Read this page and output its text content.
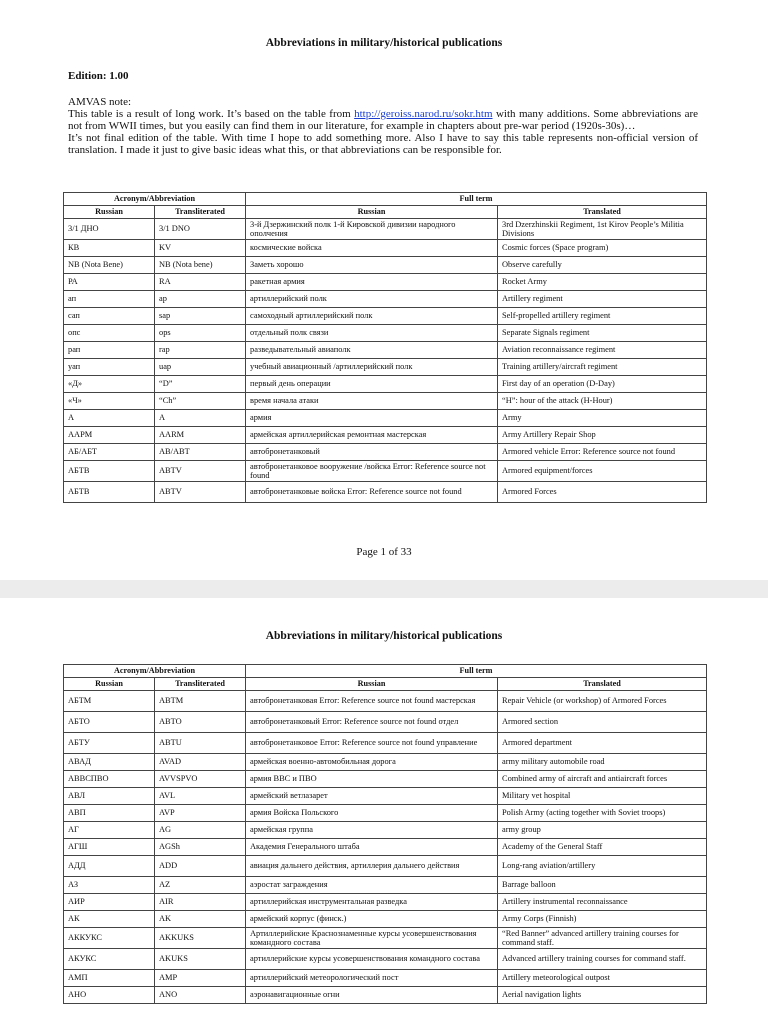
Abbreviations in military/historical publications
Edition: 1.00

AMVAS note:

This table is a result of long work. It’s based on the table from http://geroiss.narod.ru/sokr.htm with many additions. Some abbreviations are not from WWII times, but you easily can find them in our literature, for example in chapters about pre-war period (1920s-30s)…

It’s not final edition of the table. With time I hope to add something more. Also I have to say this table represents non-official version of translation. I made it just to give basic ideas what this, or that abbreviations can be responsible for.

Acronym/Abbreviation		Full term	
Russian	Transliterated	Russian	Translated
3/1 ДНО	3/1 DNO	3-й Дзержинский полк 1-й Кировской дивизии народного ополчения	3rd Dzerzhinskii Regiment, 1st Kirov People’s Militia Divisions
КВ	KV	космические войска	Cosmic forces (Space program)
NB (Nota Bene)	NB (Nota bene)	Заметь хорошо	Observe carefully
РА	RA	ракетная армия	Rocket Army
ап	ap	артиллерийский полк	Artillery regiment
сап	sap	самоходный артиллерийский полк	Self-propelled artillery regiment
опс	ops	отдельный полк связи	Separate Signals regiment
рап	rap	разведывательный авиаполк	Aviation reconnaissance regiment
уап	uap	учебный авиационный /артиллерийский полк	Training artillery/aircraft regiment
«Д»	“D”	первый день операции	First day of an operation (D-Day)
«Ч»	“Ch”	время начала атаки	“H”: hour of the attack (H-Hour)
А	A	армия	Army
ААРМ	AARM	армейская артиллерийская ремонтная мастерская	Army Artillery Repair Shop
АБ/АБТ	AB/ABT	автобронетанковый	Armored vehicle Error: Reference source not found
АБТВ	ABTV	автобронетанковое вооружение /войска Error: Reference source not found	Armored equipment/forces
АБТВ	ABTV	автобронетанковые войска Error: Reference source not found	Armored Forces
Page 1 of 33
Abbreviations in military/historical publications
Acronym/Abbreviation		Full term	
Russian	Transliterated	Russian	Translated
АБТМ	ABTM	автобронетанковая Error: Reference source not found мастерская	Repair Vehicle (or workshop) of Armored Forces
АБТО	ABTO	автобронетанковый Error: Reference source not found отдел	Armored section
АБТУ	ABTU	автобронетанковое Error: Reference source not found управление	Armored department
АВАД	AVAD	армейская военно-автомобильная дорога	army military automobile road
АВВСПВО	AVVSPVO	армия ВВС и ПВО	Combined army of aircraft and antiaircraft forces
АВЛ	AVL	армейский ветлазарет	Military vet hospital
АВП	AVP	армия Войска Польского	Polish Army (acting together with Soviet troops)
АГ	AG	армейская группа	army group
АГШ	AGSh	Академия Генерального штаба	Academy of the General Staff
АДД	ADD	авиация дальнего действия, артиллерия дальнего действия	Long-rang aviation/artillery
АЗ	AZ	аэростат заграждения	Barrage balloon
АИР	AIR	артиллерийская инструментальная разведка	Artillery instrumental reconnaissance
АК	AK	армейский корпус (финск.)	Army Corps (Finnish)
АККУКС	AKKUKS	Артиллерийские Краснознаменные курсы усовершенствования командного состава	“Red Banner” advanced artillery training courses for command staff.
АКУКС	AKUKS	артиллерийские курсы усовершенствования командного состава	Advanced artillery training courses for command staff.
АМП	AMP	артиллерийский метеорологический пост	Artillery meteorological outpost
АНО	ANO	аэронавигационные огни	Aerial navigation lights
